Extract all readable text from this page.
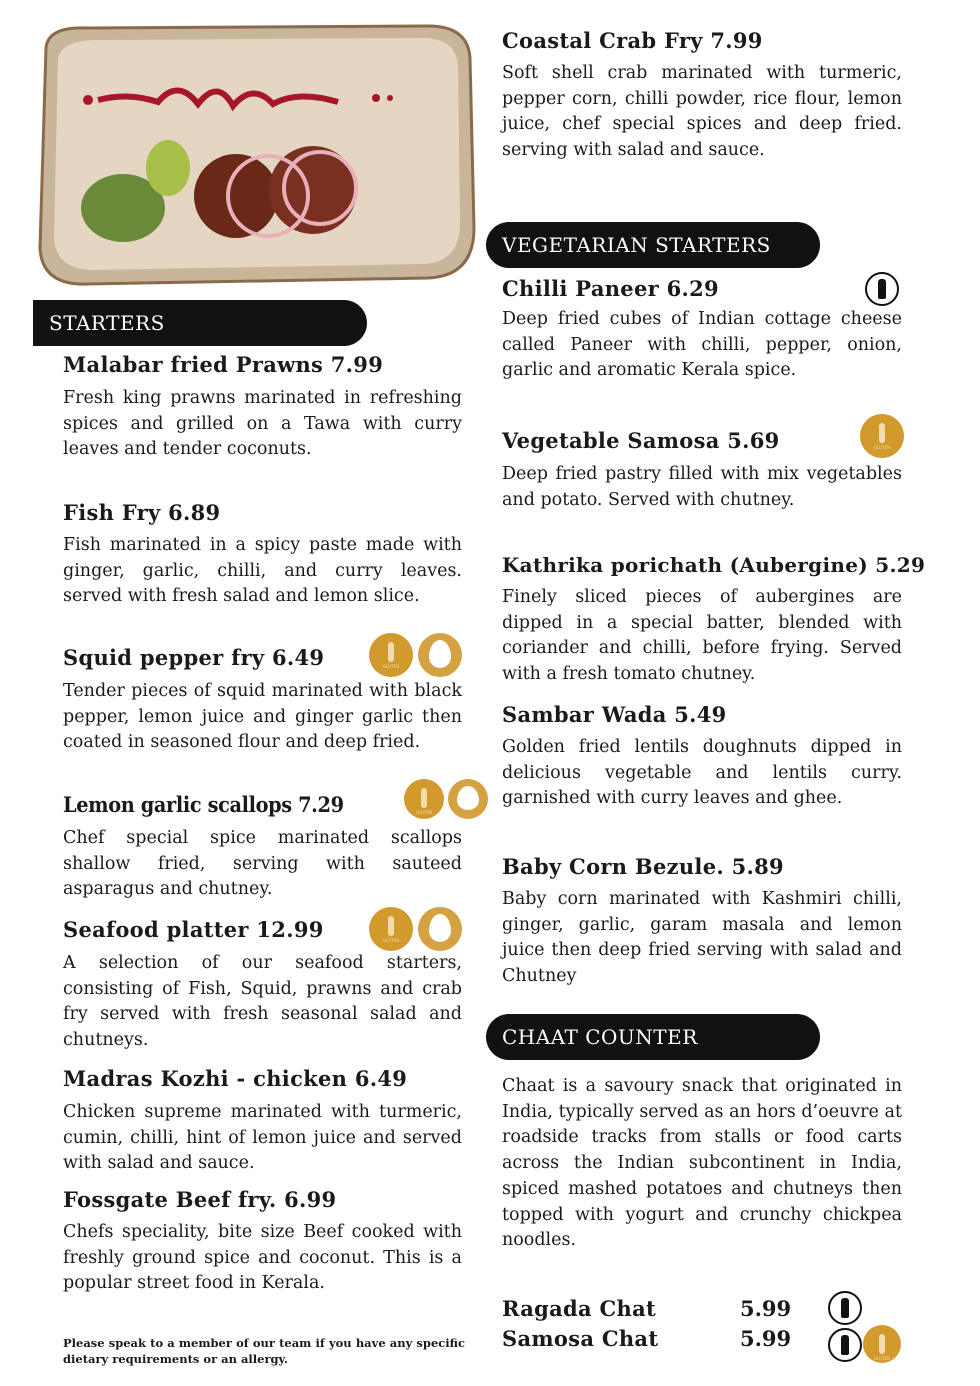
STARTERS
Malabar fried Prawns 7.99
Fresh king prawns marinated in refreshing spices and grilled on a Tawa with curry leaves and tender coconuts.
Fish Fry 6.89
Fish marinated in a spicy paste made with ginger, garlic, chilli, and curry leaves. served with fresh salad and lemon slice.
Squid pepper fry 6.49
GLUTEN
Tender pieces of squid marinated with black pepper, lemon juice and ginger garlic then coated in seasoned flour and deep fried.
Lemon garlic scallops 7.29
GLUTEN
Chef special spice marinated scallops shallow fried, serving with sauteed asparagus and chutney.
Seafood platter 12.99
GLUTEN
A selection of our seafood starters, consisting of Fish, Squid, prawns and crab fry served with fresh seasonal salad and chutneys.
Madras Kozhi - chicken 6.49
Chicken supreme marinated with turmeric, cumin, chilli, hint of lemon juice and served with salad and sauce.
Fossgate Beef fry. 6.99
Chefs speciality, bite size Beef cooked with freshly ground spice and coconut. This is a popular street food in Kerala.
Please speak to a member of our team if you have any specific dietary requirements or an allergy.
Coastal Crab Fry 7.99
Soft shell crab marinated with turmeric, pepper corn, chilli powder, rice flour, lemon juice, chef special spices and deep fried. serving with salad and sauce.
VEGETARIAN STARTERS
Chilli Paneer 6.29
Deep fried cubes of Indian cottage cheese called Paneer with chilli, pepper, onion, garlic and aromatic Kerala spice.
Vegetable Samosa 5.69
GLUTEN
Deep fried pastry filled with mix vegetables and potato. Served with chutney.
Kathrika porichath (Aubergine) 5.29
Finely sliced pieces of aubergines are dipped in a special batter, blended with coriander and chilli, before frying. Served with a fresh tomato chutney.
Sambar Wada 5.49
Golden fried lentils doughnuts dipped in delicious vegetable and lentils curry. garnished with curry leaves and ghee.
Baby Corn Bezule. 5.89
Baby corn marinated with Kashmiri chilli, ginger, garlic, garam masala and lemon juice then deep fried serving with salad and Chutney
CHAAT COUNTER
Chaat is a savoury snack that originated in India, typically served as an hors d’oeuvre at roadside tracks from stalls or food carts across the Indian subcontinent in India, spiced mashed potatoes and chutneys then topped with yogurt and crunchy chickpea noodles.
Ragada Chat	5.99
Samosa Chat	5.99
GLUTEN
